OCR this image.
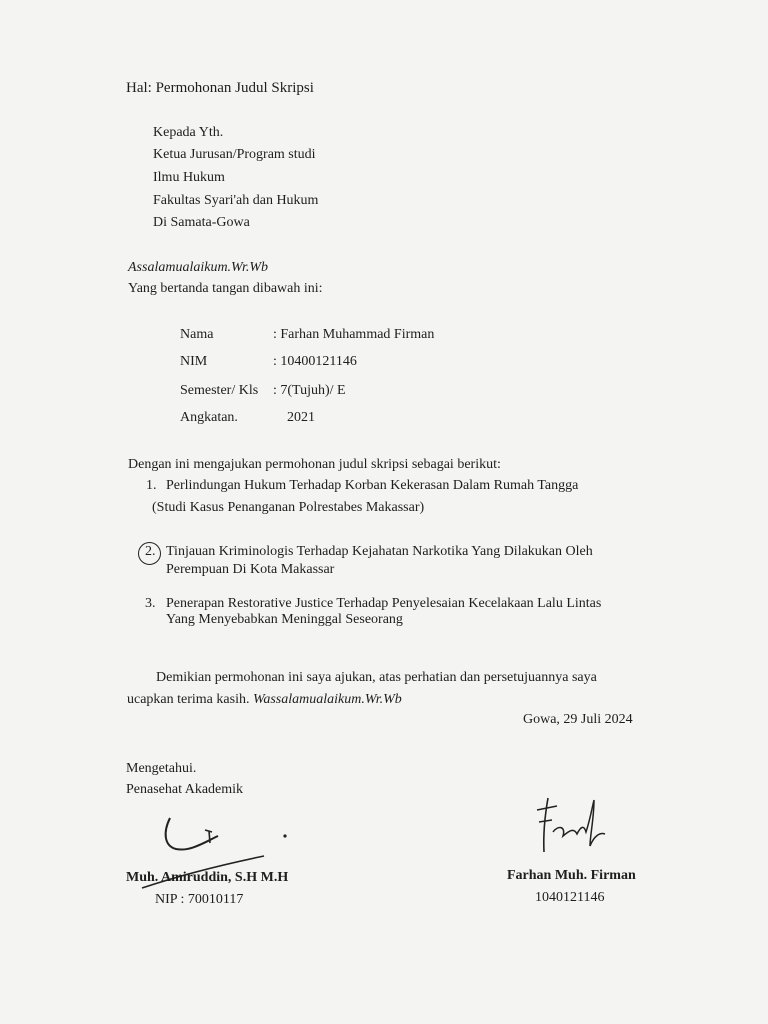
Hal: Permohonan Judul Skripsi
Kepada Yth.
Ketua Jurusan/Program studi
Ilmu Hukum
Fakultas Syari'ah dan Hukum
Di Samata-Gowa
Assalamualaikum.Wr.Wb
Yang bertanda tangan dibawah ini:
Nama	: Farhan Muhammad Firman
NIM	: 10400121146
Semester/ Kls : 7(Tujuh)/ E
Angkatan.	2021
Dengan ini mengajukan permohonan judul skripsi sebagai berikut:
1. Perlindungan Hukum Terhadap Korban Kekerasan Dalam Rumah Tangga
(Studi Kasus Penanganan Polrestabes Makassar)
2. Tinjauan Kriminologis Terhadap Kejahatan Narkotika Yang Dilakukan Oleh
Perempuan Di Kota Makassar
3. Penerapan Restorative Justice Terhadap Penyelesaian Kecelakaan Lalu Lintas
Yang Menyebabkan Meninggal Seseorang
Demikian permohonan ini saya ajukan, atas perhatian dan persetujuannya saya
ucapkan terima kasih. Wassalamualaikum.Wr.Wb
Gowa, 29 Juli 2024
Mengetahui.
Penasehat Akademik
Muh. Amiruddin, S.H M.H
NIP : 70010117
Farhan Muh. Firman
1040121146
